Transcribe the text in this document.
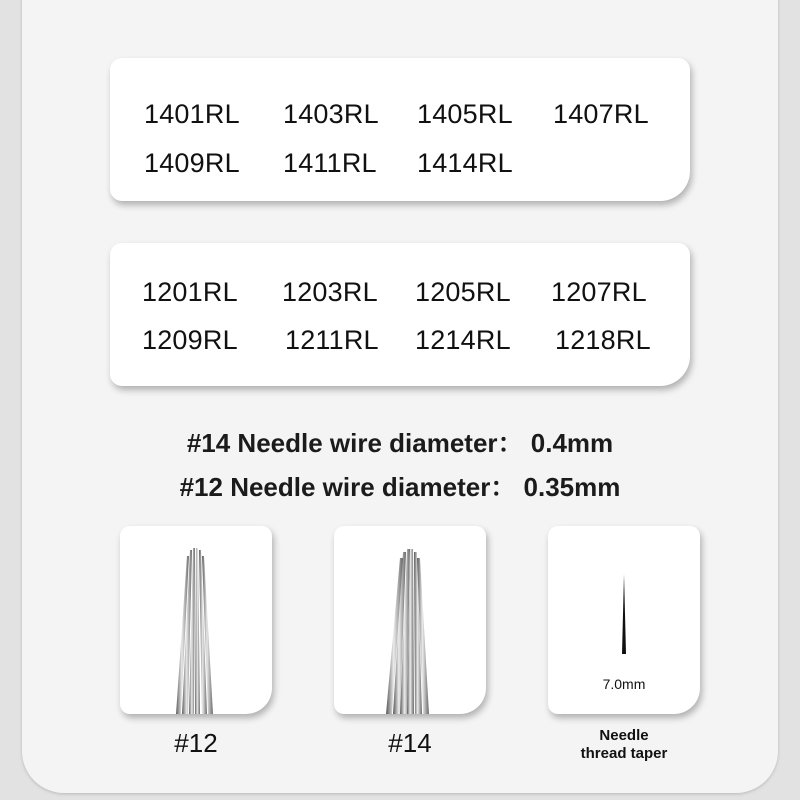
1401RL 1403RL 1405RL 1407RL
1409RL 1411RL 1414RL
1201RL 1203RL 1205RL 1207RL
1209RL 1211RL 1214RL 1218RL
#14 Needle wire diameter： 0.4mm
#12 Needle wire diameter： 0.35mm
7.0mm
#12	#14	Needle
thread taper
